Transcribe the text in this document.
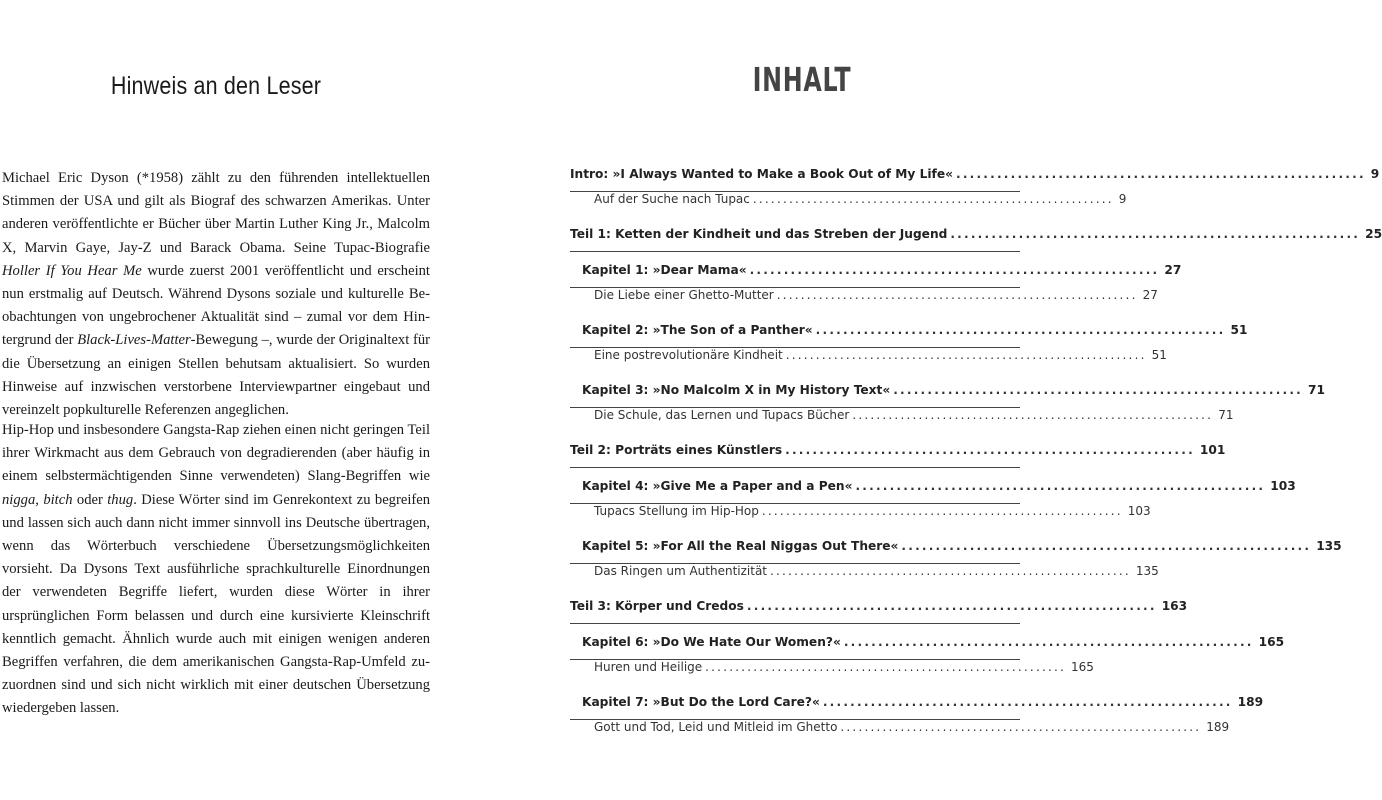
Hinweis an den Leser

Michael Eric Dyson (*1958) zählt zu den führenden intellektuellen Stimmen der USA und gilt als Biograf des schwarzen Amerikas. Unter anderen veröffentlichte er Bücher über Martin Luther King Jr., Malcolm X, Marvin Gaye, Jay-Z und Barack Obama. Seine Tupac-Biografie Holler If You Hear Me wurde zuerst 2001 veröffentlicht und erscheint nun erstmalig auf Deutsch. Während Dysons soziale und kulturelle Beobachtungen von ungebrochener Aktualität sind – zumal vor dem Hintergrund der Black-Lives-Matter-Bewegung –, wurde der Originaltext für die Übersetzung an einigen Stellen behutsam aktualisiert. So wurden Hinweise auf inzwischen verstorbene Interviewpartner eingebaut und vereinzelt popkulturelle Referenzen angeglichen.

Hip-Hop und insbesondere Gangsta-Rap ziehen einen nicht geringen Teil ihrer Wirkmacht aus dem Gebrauch von degradierenden (aber häufig in einem selbstermächtigenden Sinne verwendeten) Slang-Begriffen wie nigga, bitch oder thug. Diese Wörter sind im Genrekontext zu begreifen und lassen sich auch dann nicht immer sinnvoll ins Deutsche übertragen, wenn das Wörterbuch verschiedene Übersetzungsmöglichkeiten vorsieht. Da Dysons Text ausführliche sprachkulturelle Einordnungen der verwendeten Begriffe liefert, wurden diese Wörter in ihrer ursprünglichen Form belassen und durch eine kursivierte Kleinschrift kenntlich gemacht. Ähnlich wurde auch mit einigen wenigen anderen Begriffen verfahren, die dem amerikanischen Gangsta-Rap-Umfeld zuzuordnen sind und sich nicht wirklich mit einer deutschen Übersetzung wiedergeben lassen.

INHALT
Intro: »I Always Wanted to Make a Book Out of My Life« ............................................................ 9
Auf der Suche nach Tupac ............................................................ 9
Teil 1: Ketten der Kindheit und das Streben der Jugend ............................................................ 25
Kapitel 1: »Dear Mama« ............................................................ 27
Die Liebe einer Ghetto-Mutter ............................................................ 27
Kapitel 2: »The Son of a Panther« ............................................................ 51
Eine postrevolutionäre Kindheit ............................................................ 51
Kapitel 3: »No Malcolm X in My History Text« ............................................................ 71
Die Schule, das Lernen und Tupacs Bücher ............................................................ 71
Teil 2: Porträts eines Künstlers ............................................................ 101
Kapitel 4: »Give Me a Paper and a Pen« ............................................................ 103
Tupacs Stellung im Hip-Hop ............................................................ 103
Kapitel 5: »For All the Real Niggas Out There« ............................................................ 135
Das Ringen um Authentizität ............................................................ 135
Teil 3: Körper und Credos ............................................................ 163
Kapitel 6: »Do We Hate Our Women?« ............................................................ 165
Huren und Heilige ............................................................ 165
Kapitel 7: »But Do the Lord Care?« ............................................................ 189
Gott und Tod, Leid und Mitleid im Ghetto ............................................................ 189
